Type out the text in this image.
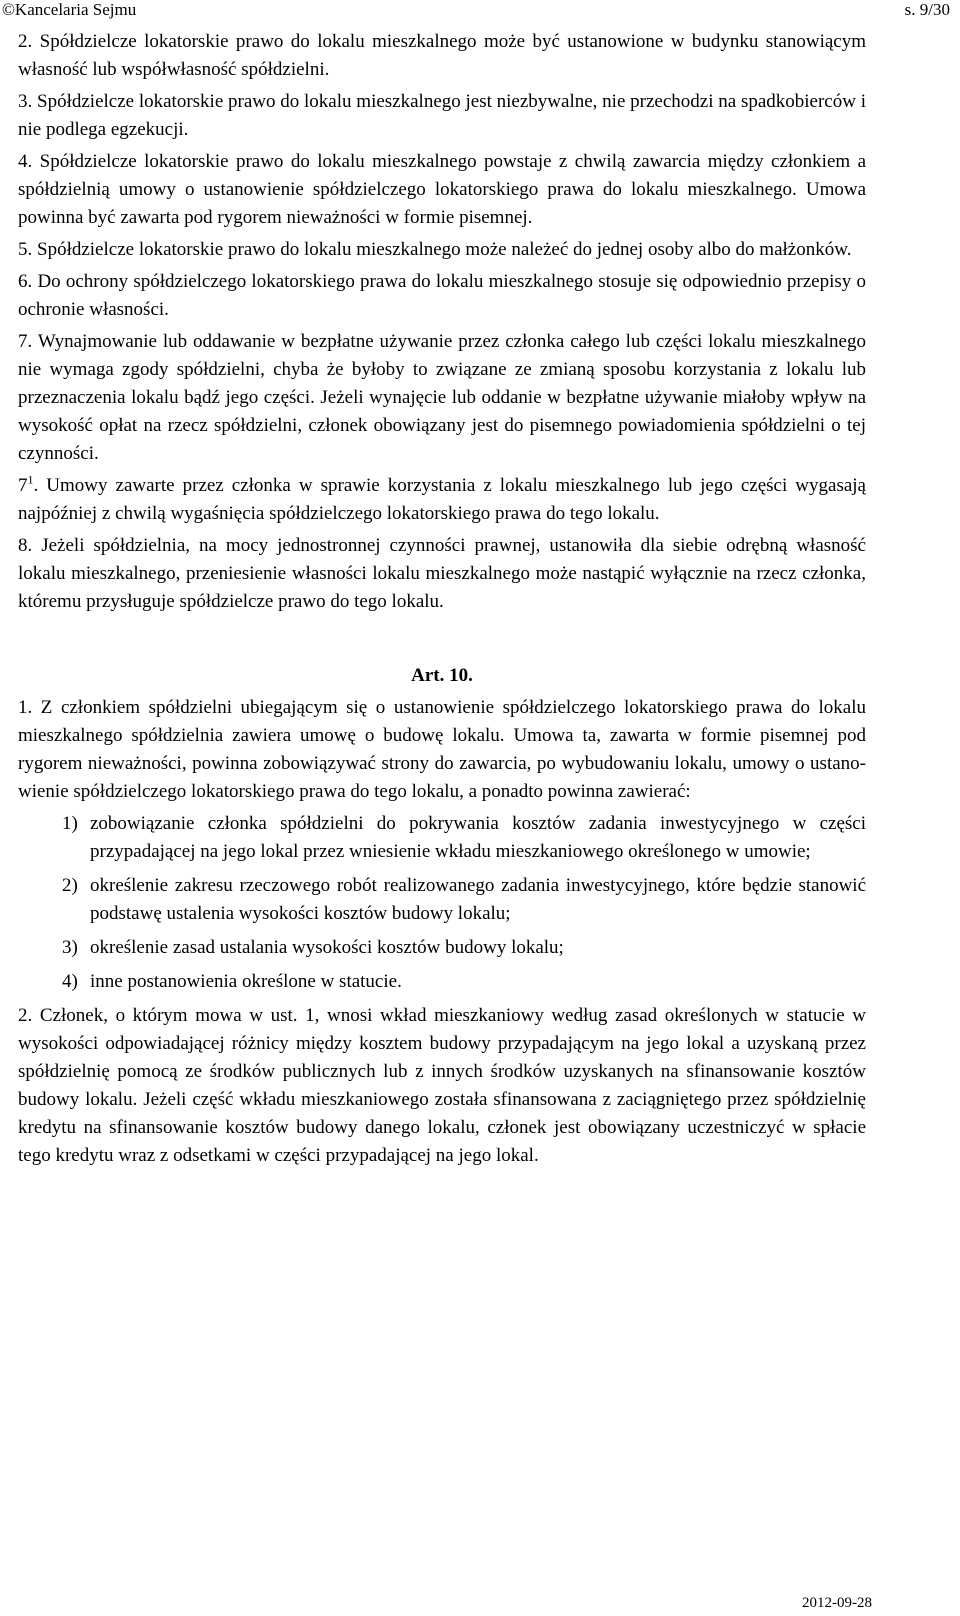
©Kancelaria Sejmu	s. 9/30

2. Spółdzielcze lokatorskie prawo do lokalu mieszkalnego może być ustanowione w budynku stanowiącym własność lub współwłasność spółdzielni.

3. Spółdzielcze lokatorskie prawo do lokalu mieszkalnego jest niezbywalne, nie przechodzi na spadkobierców i nie podlega egzekucji.

4. Spółdzielcze lokatorskie prawo do lokalu mieszkalnego powstaje z chwilą zawarcia między członkiem a spółdzielnią umowy o ustanowienie spółdzielczego lokatorskiego prawa do lokalu mieszkalnego. Umowa powinna być zawarta pod rygorem nieważności w formie pisemnej.

5. Spółdzielcze lokatorskie prawo do lokalu mieszkalnego może należeć do jednej osoby albo do małżonków.

6. Do ochrony spółdzielczego lokatorskiego prawa do lokalu mieszkalnego stosuje się odpowiednio przepisy o ochronie własności.

7. Wynajmowanie lub oddawanie w bezpłatne używanie przez członka całego lub części lokalu mieszkalnego nie wymaga zgody spółdzielni, chyba że byłoby to związane ze zmianą sposobu korzystania z lokalu lub przeznaczenia lokalu bądź jego części. Jeżeli wynajęcie lub oddanie w bezpłatne używanie miałoby wpływ na wysokość opłat na rzecz spółdzielni, członek obowiązany jest do pisemnego powiadomienia spółdzielni o tej czynności.

$7^1$. Umowy zawarte przez członka w sprawie korzystania z lokalu mieszkalnego lub jego części wygasają najpóźniej z chwilą wygaśnięcia spółdzielczego lokatorskiego prawa do tego lokalu.

8. Jeżeli spółdzielnia, na mocy jednostronnej czynności prawnej, ustanowiła dla siebie odrębną własność lokalu mieszkalnego, przeniesienie własności lokalu mieszkalnego może nastąpić wyłącznie na rzecz członka, któremu przysługuje spółdzielcze prawo do tego lokalu.

Art. 10.

1. Z członkiem spółdzielni ubiegającym się o ustanowienie spółdzielczego lokatorskiego prawa do lokalu mieszkalnego spółdzielnia zawiera umowę o budowę lokalu. Umowa ta, zawarta w formie pisemnej pod rygorem nieważności, powinna zobowiązywać strony do zawarcia, po wybudowaniu lokalu, umowy o ustanowienie spółdzielczego lokatorskiego prawa do tego lokalu, a ponadto powinna zawierać:

1) zobowiązanie członka spółdzielni do pokrywania kosztów zadania inwestycyjnego w części przypadającej na jego lokal przez wniesienie wkładu mieszkaniowego określonego w umowie;
2) określenie zakresu rzeczowego robót realizowanego zadania inwestycyjnego, które będzie stanowić podstawę ustalenia wysokości kosztów budowy lokalu;
3) określenie zasad ustalania wysokości kosztów budowy lokalu;
4) inne postanowienia określone w statucie.

2. Członek, o którym mowa w ust. 1, wnosi wkład mieszkaniowy według zasad określonych w statucie w wysokości odpowiadającej różnicy między kosztem budowy przypadającym na jego lokal a uzyskaną przez spółdzielnię pomocą ze środków publicznych lub z innych środków uzyskanych na sfinansowanie kosztów budowy lokalu. Jeżeli część wkładu mieszkaniowego została sfinansowana z zaciągniętego przez spółdzielnię kredytu na sfinansowanie kosztów budowy danego lokalu, członek jest obowiązany uczestniczyć w spłacie tego kredytu wraz z odsetkami w części przypadającej na jego lokal.

2012-09-28
